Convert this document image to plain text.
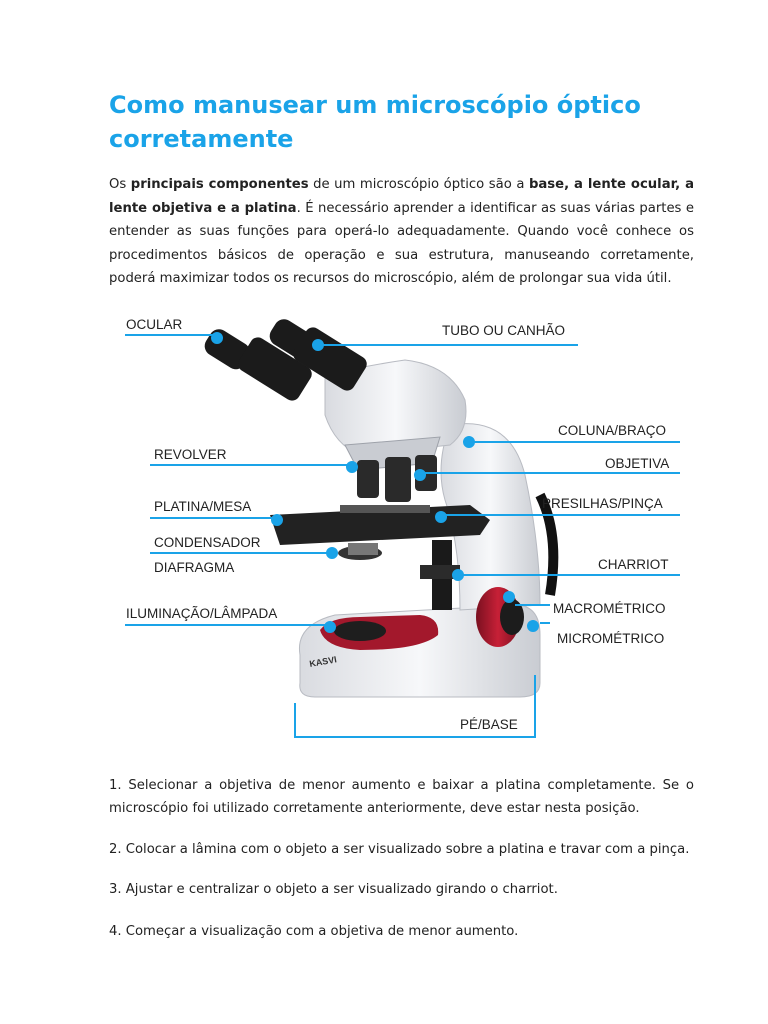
Como manusear um microscópio óptico corretamente

Os principais componentes de um microscópio óptico são a base, a lente ocular, a lente objetiva e a platina. É necessário aprender a identificar as suas várias partes e entender as suas funções para operá-lo adequadamente. Quando você conhece os procedimentos básicos de operação e sua estrutura, manuseando corretamente, poderá maximizar todos os recursos do microscópio, além de prolongar sua vida útil.

KASVI
OCULAR	TUBO OU CANHÃO
COLUNA/BRAÇO
REVOLVER
OBJETIVA
PLATINA/MESA	PRESILHAS/PINÇA
CONDENSADOR
DIAFRAGMA	CHARRIOT
ILUMINAÇÃO/LÂMPADA	MACROMÉTRICO
MICROMÉTRICO
PÉ/BASE

1. Selecionar a objetiva de menor aumento e baixar a platina completamente. Se o microscópio foi utilizado corretamente anteriormente, deve estar nesta posição.

2. Colocar a lâmina com o objeto a ser visualizado sobre a platina e travar com a pinça.

3. Ajustar e centralizar o objeto a ser visualizado girando o charriot.

4. Começar a visualização com a objetiva de menor aumento.
